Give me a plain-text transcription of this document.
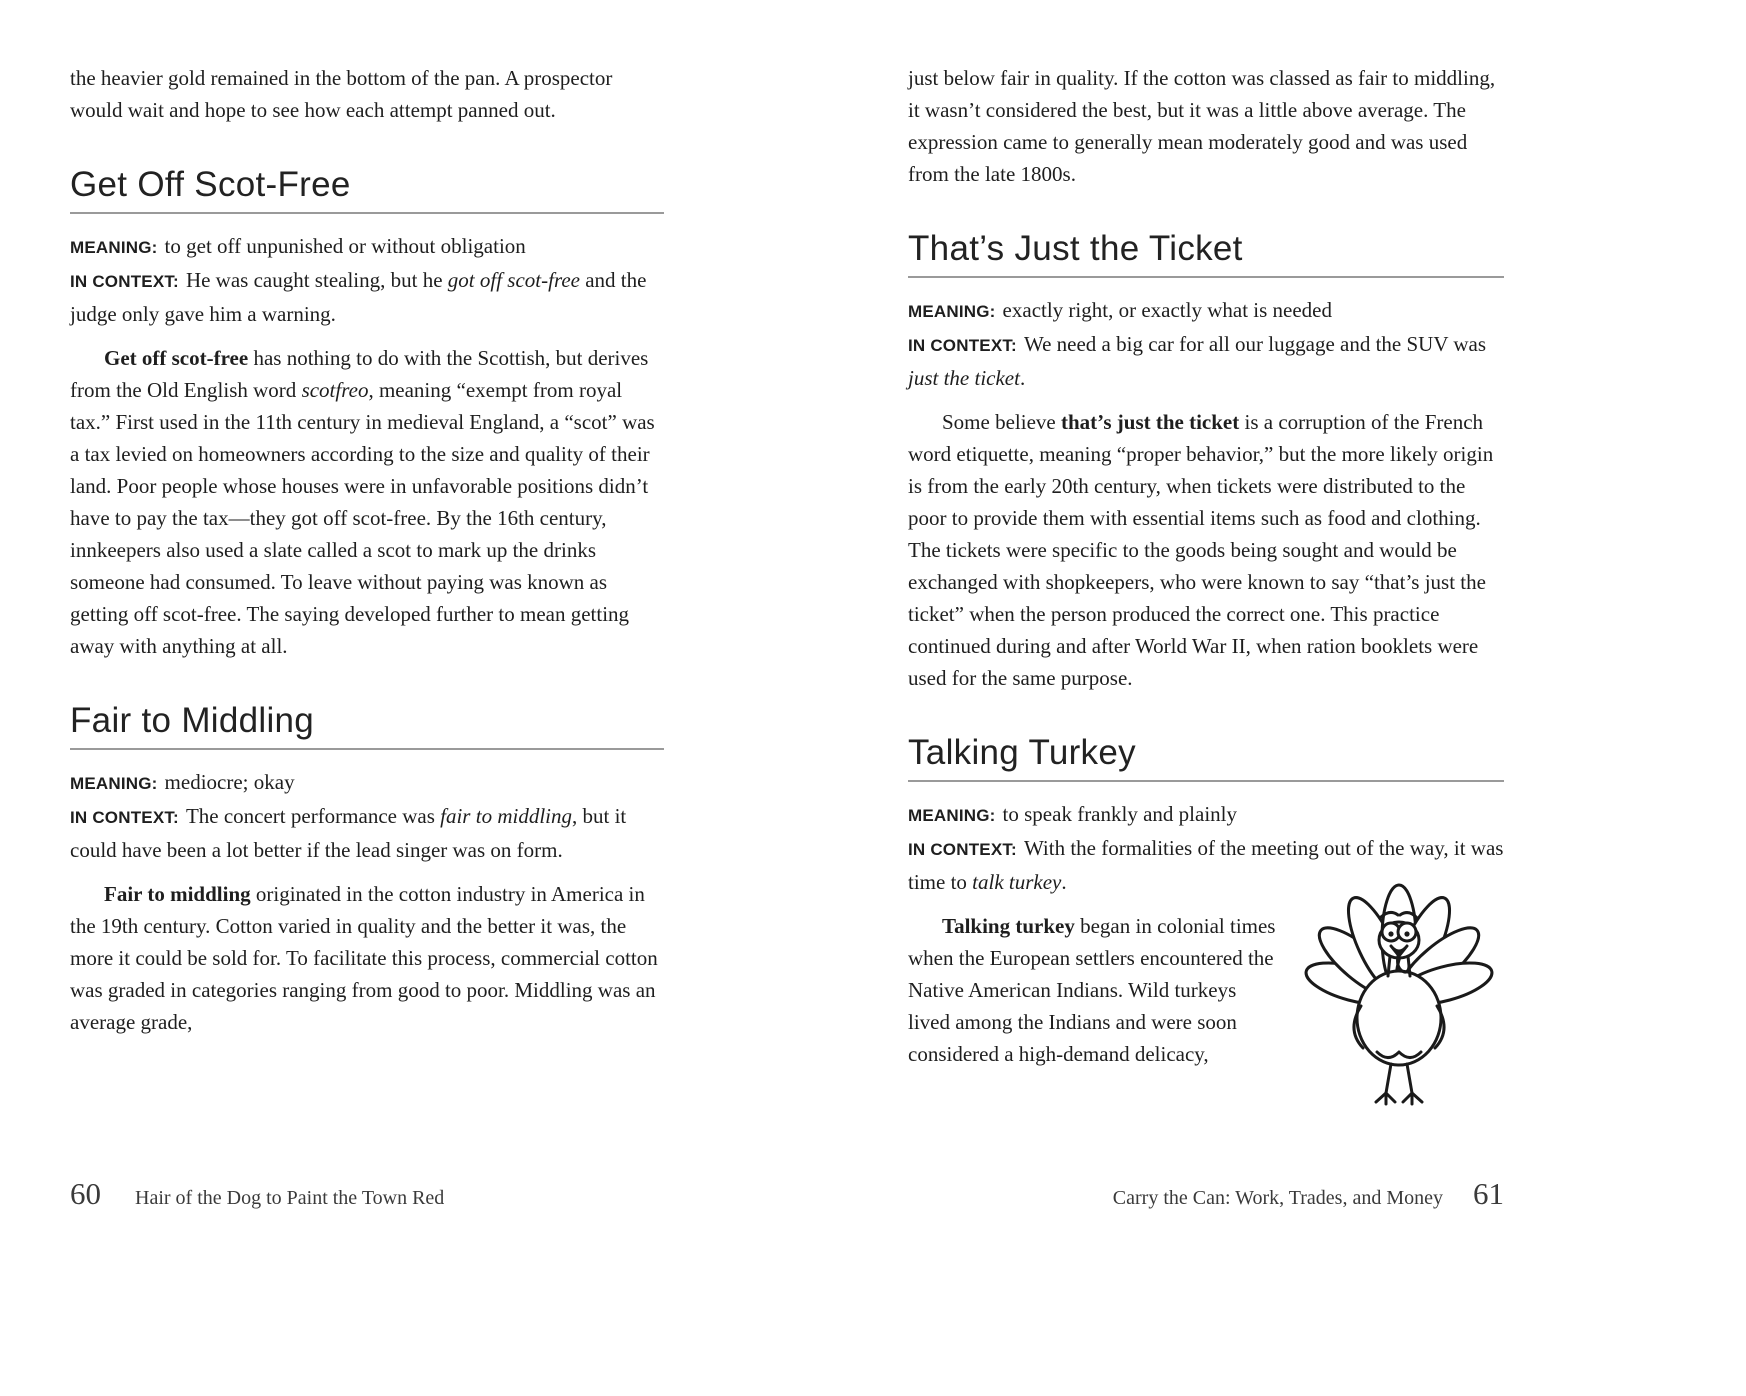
the heavier gold remained in the bottom of the pan. A prospector would wait and hope to see how each attempt panned out.

Get Off Scot-Free

MEANING: to get off unpunished or without obligation

IN CONTEXT: He was caught stealing, but he got off scot-free and the judge only gave him a warning.

Get off scot-free has nothing to do with the Scottish, but derives from the Old English word scotfreo, meaning “exempt from royal tax.” First used in the 11th century in medieval England, a “scot” was a tax levied on homeowners according to the size and quality of their land. Poor people whose houses were in unfavorable positions didn’t have to pay the tax—they got off scot-free. By the 16th century, innkeepers also used a slate called a scot to mark up the drinks someone had consumed. To leave without paying was known as getting off scot-free. The saying developed further to mean getting away with anything at all.

Fair to Middling

MEANING: mediocre; okay

IN CONTEXT: The concert performance was fair to middling, but it could have been a lot better if the lead singer was on form.

Fair to middling originated in the cotton industry in America in the 19th century. Cotton varied in quality and the better it was, the more it could be sold for. To facilitate this process, commercial cotton was graded in categories ranging from good to poor. Middling was an average grade,

just below fair in quality. If the cotton was classed as fair to middling, it wasn’t considered the best, but it was a little above average. The expression came to generally mean moderately good and was used from the late 1800s.

That’s Just the Ticket

MEANING: exactly right, or exactly what is needed

IN CONTEXT: We need a big car for all our luggage and the SUV was just the ticket.

Some believe that’s just the ticket is a corruption of the French word etiquette, meaning “proper behavior,” but the more likely origin is from the early 20th century, when tickets were distributed to the poor to provide them with essential items such as food and clothing. The tickets were specific to the goods being sought and would be exchanged with shopkeepers, who were known to say “that’s just the ticket” when the person produced the correct one. This practice continued during and after World War II, when ration booklets were used for the same purpose.

Talking Turkey

MEANING: to speak frankly and plainly

IN CONTEXT: With the formalities of the meeting out of the way, it was time to talk turkey.

Talking turkey began in colonial times when the European settlers encountered the Native American Indians. Wild turkeys lived among the Indians and were soon considered a high-demand delicacy,

60 Hair of the Dog to Paint the Town Red	Carry the Can: Work, Trades, and Money 61
